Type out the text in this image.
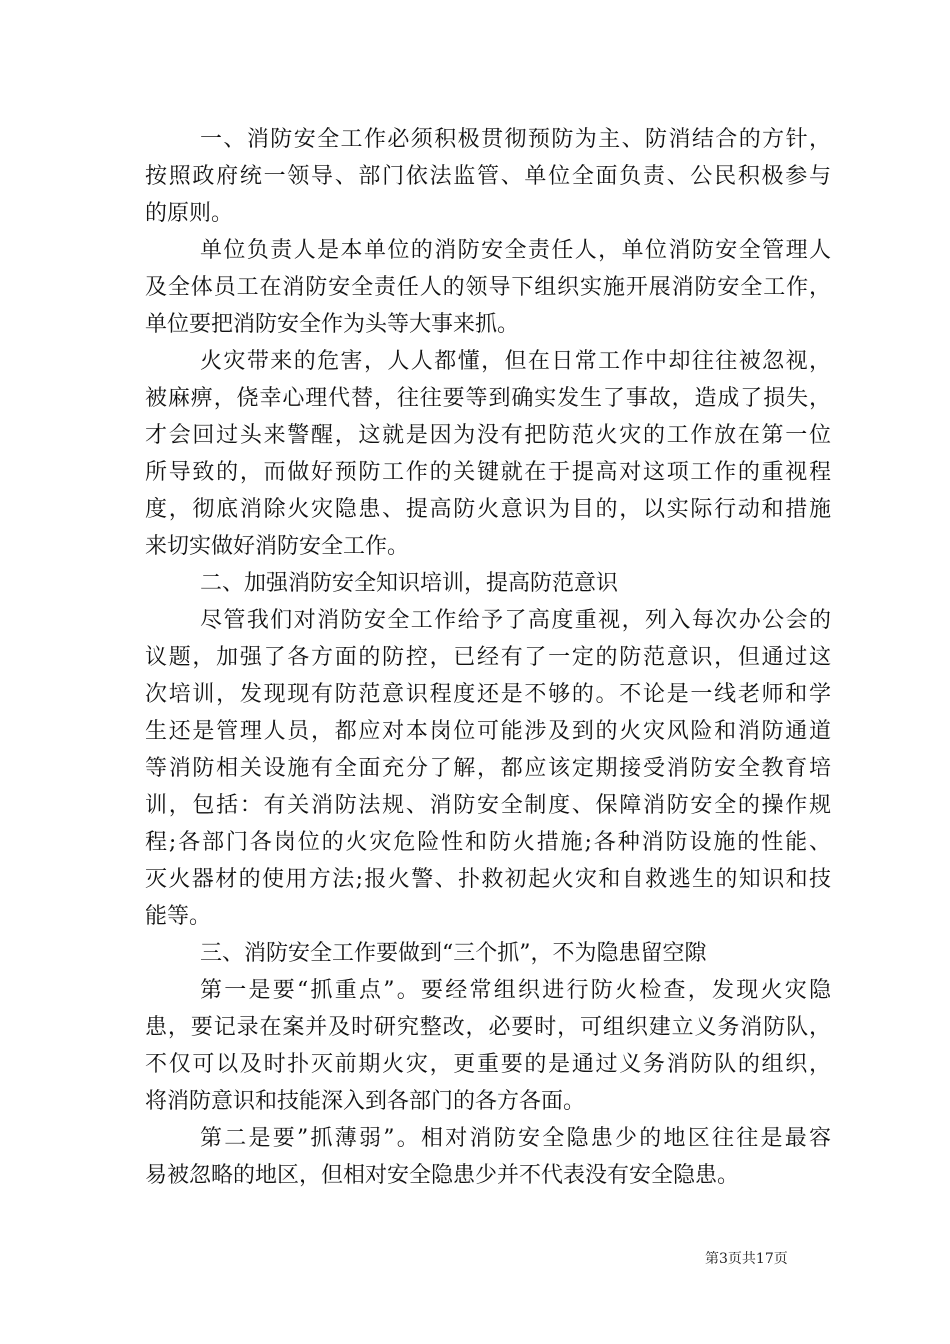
一、消防安全工作必须积极贯彻预防为主、防消结合的方针，
按照政府统一领导、部门依法监管、单位全面负责、公民积极参与
的原则。
单位负责人是本单位的消防安全责任人，单位消防安全管理人
及全体员工在消防安全责任人的领导下组织实施开展消防安全工作，
单位要把消防安全作为头等大事来抓。
火灾带来的危害，人人都懂，但在日常工作中却往往被忽视，
被麻痹，侥幸心理代替，往往要等到确实发生了事故，造成了损失，
才会回过头来警醒，这就是因为没有把防范火灾的工作放在第一位
所导致的，而做好预防工作的关键就在于提高对这项工作的重视程
度，彻底消除火灾隐患、提高防火意识为目的，以实际行动和措施
来切实做好消防安全工作。
二、加强消防安全知识培训，提高防范意识
尽管我们对消防安全工作给予了高度重视，列入每次办公会的
议题，加强了各方面的防控，已经有了一定的防范意识，但通过这
次培训，发现现有防范意识程度还是不够的。不论是一线老师和学
生还是管理人员，都应对本岗位可能涉及到的火灾风险和消防通道
等消防相关设施有全面充分了解，都应该定期接受消防安全教育培
训，包括：有关消防法规、消防安全制度、保障消防安全的操作规
程;各部门各岗位的火灾危险性和防火措施;各种消防设施的性能、
灭火器材的使用方法;报火警、扑救初起火灾和自救逃生的知识和技
能等。
三、消防安全工作要做到“三个抓”，不为隐患留空隙
第一是要“抓重点”。要经常组织进行防火检查，发现火灾隐
患，要记录在案并及时研究整改，必要时，可组织建立义务消防队，
不仅可以及时扑灭前期火灾，更重要的是通过义务消防队的组织，
将消防意识和技能深入到各部门的各方各面。
第二是要”抓薄弱”。相对消防安全隐患少的地区往往是最容
易被忽略的地区，但相对安全隐患少并不代表没有安全隐患。
第3页共17页
